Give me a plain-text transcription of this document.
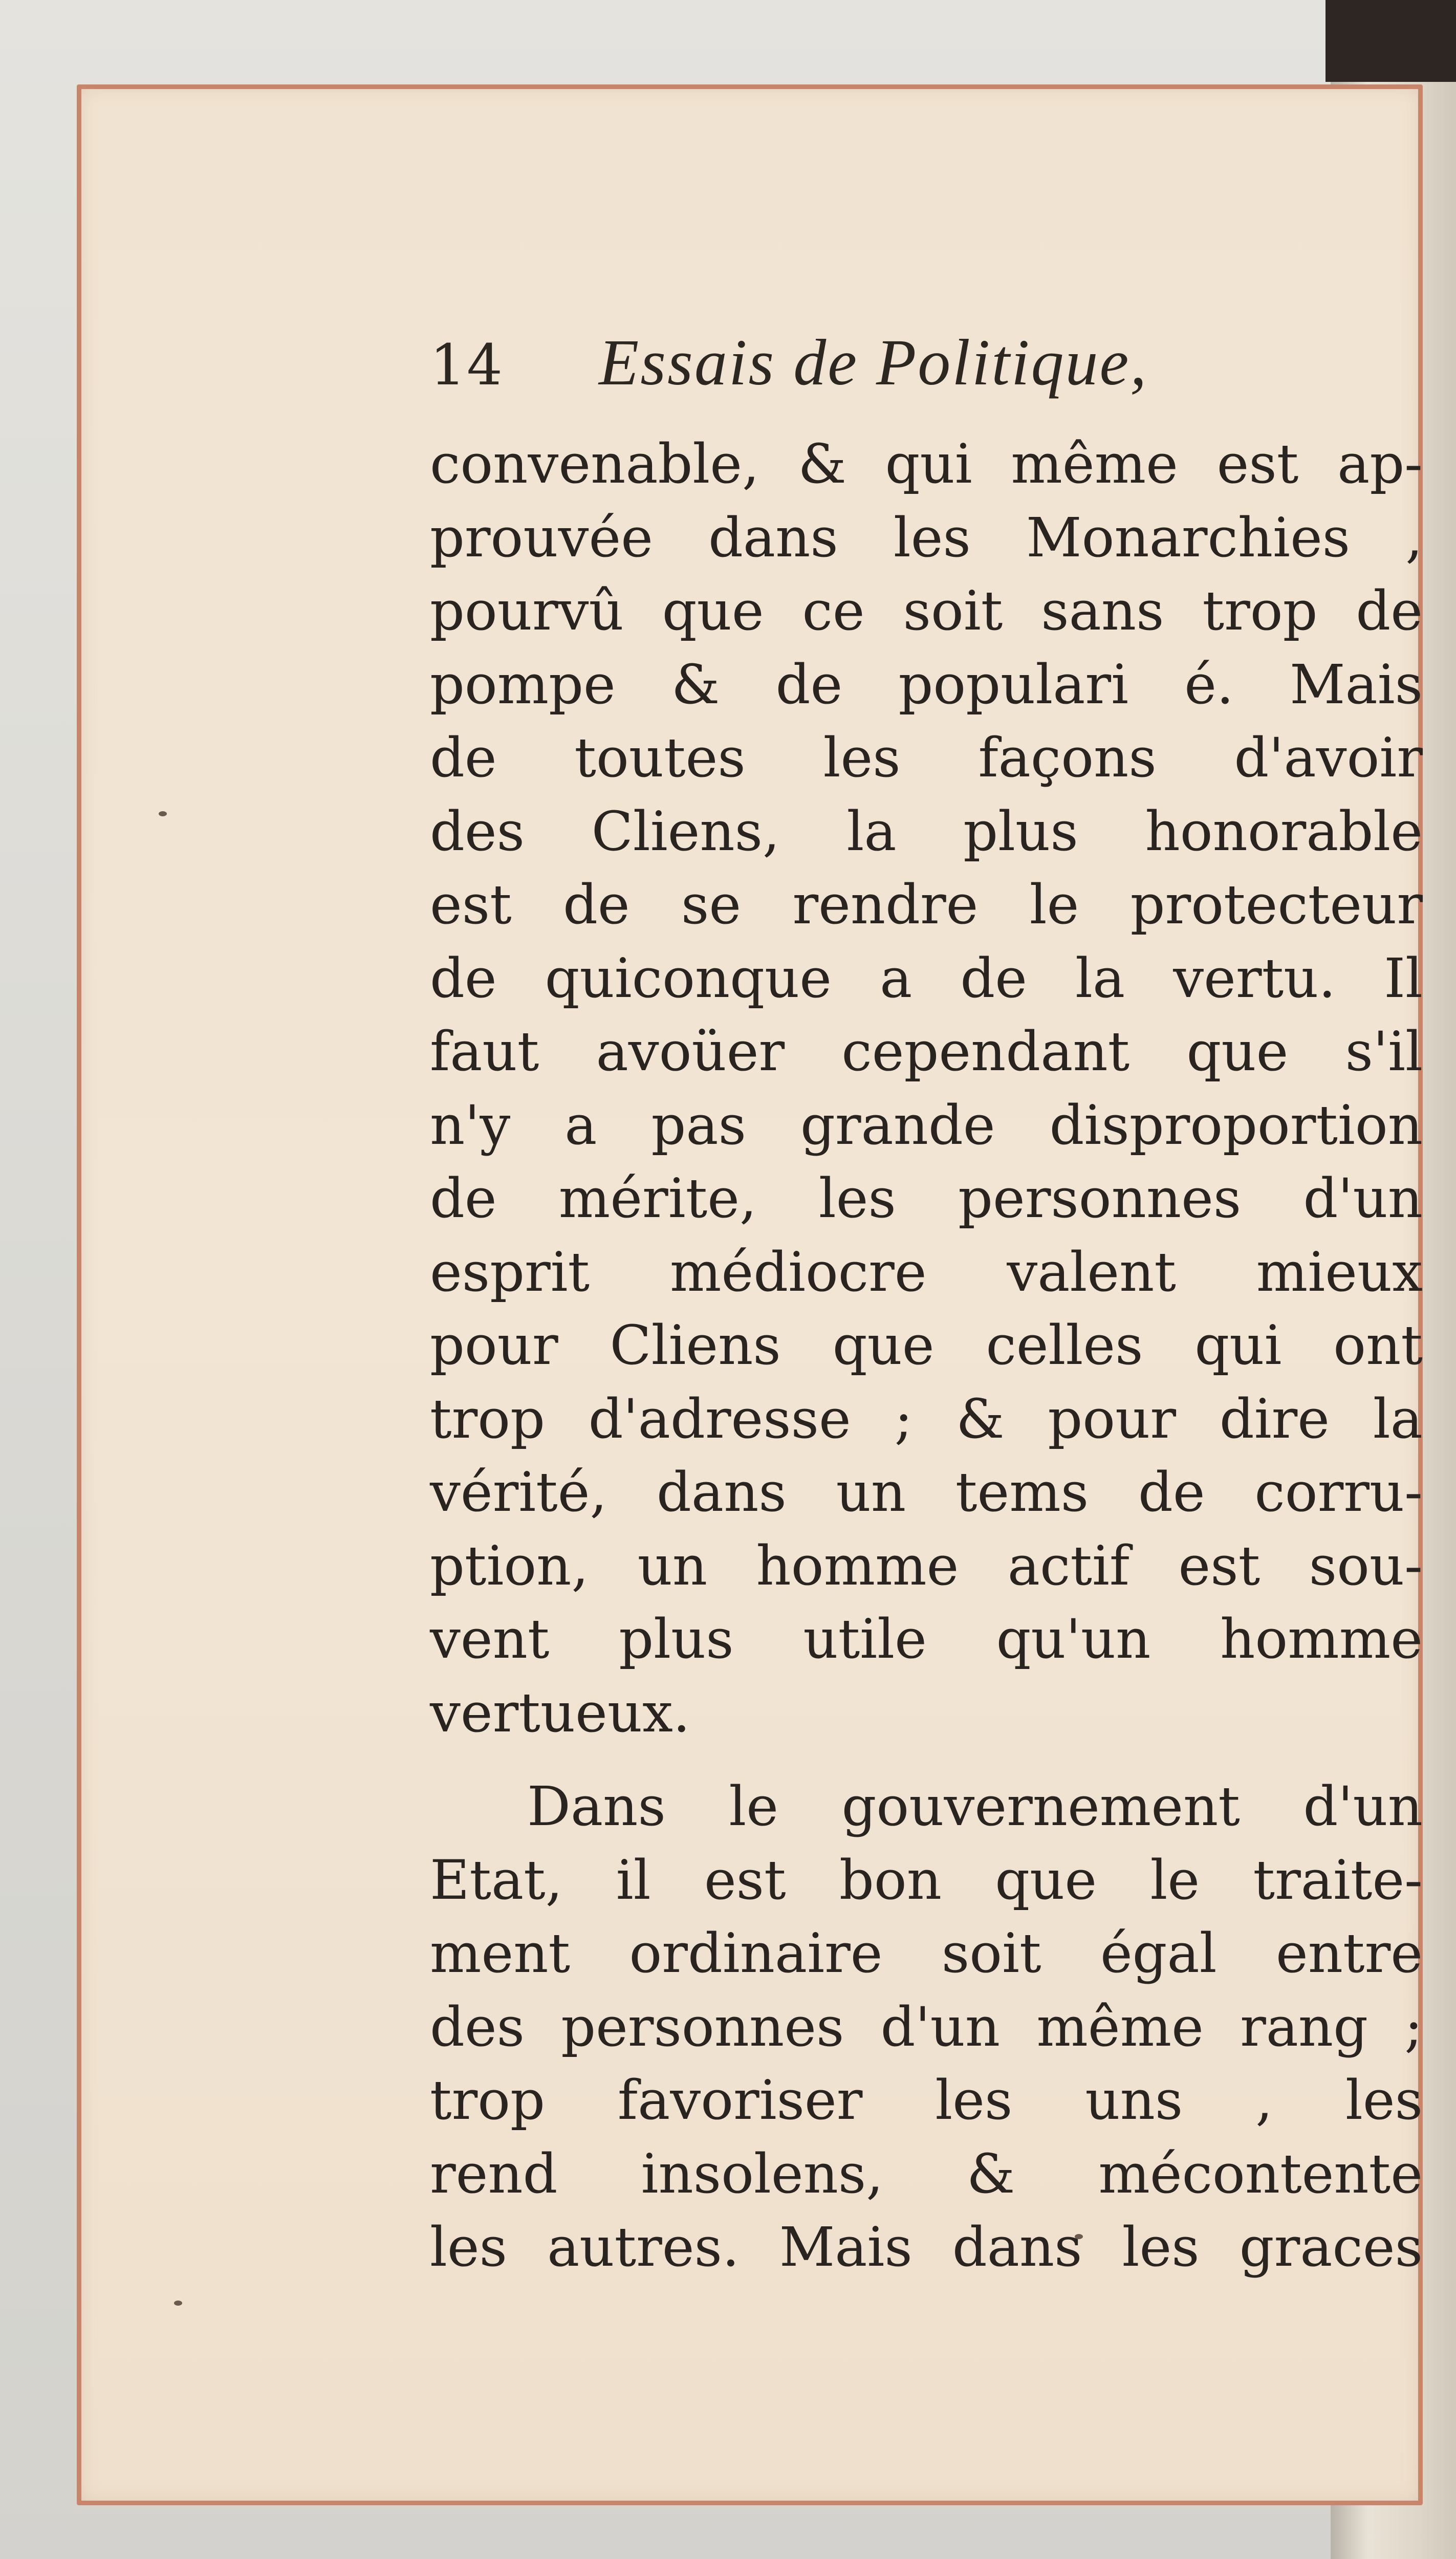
14	Essais de Politique,
convenable, & qui même est ap-
prouvée dans les Monarchies ,
pourvû que ce soit sans trop de
pompe & de populari é. Mais
de toutes les façons d'avoir
des Cliens, la plus honorable
est de se rendre le protecteur
de quiconque a de la vertu. Il
faut avoüer cependant que s'il
n'y a pas grande disproportion
de mérite, les personnes d'un
esprit médiocre valent mieux
pour Cliens que celles qui ont
trop d'adresse ; & pour dire la
vérité, dans un tems de corru-
ption, un homme actif est sou-
vent plus utile qu'un homme
vertueux.
Dans le gouvernement d'un
Etat, il est bon que le traite-
ment ordinaire soit égal entre
des personnes d'un même rang ;
trop favoriser les uns , les
rend insolens, & mécontente
les autres. Mais dans les graces
